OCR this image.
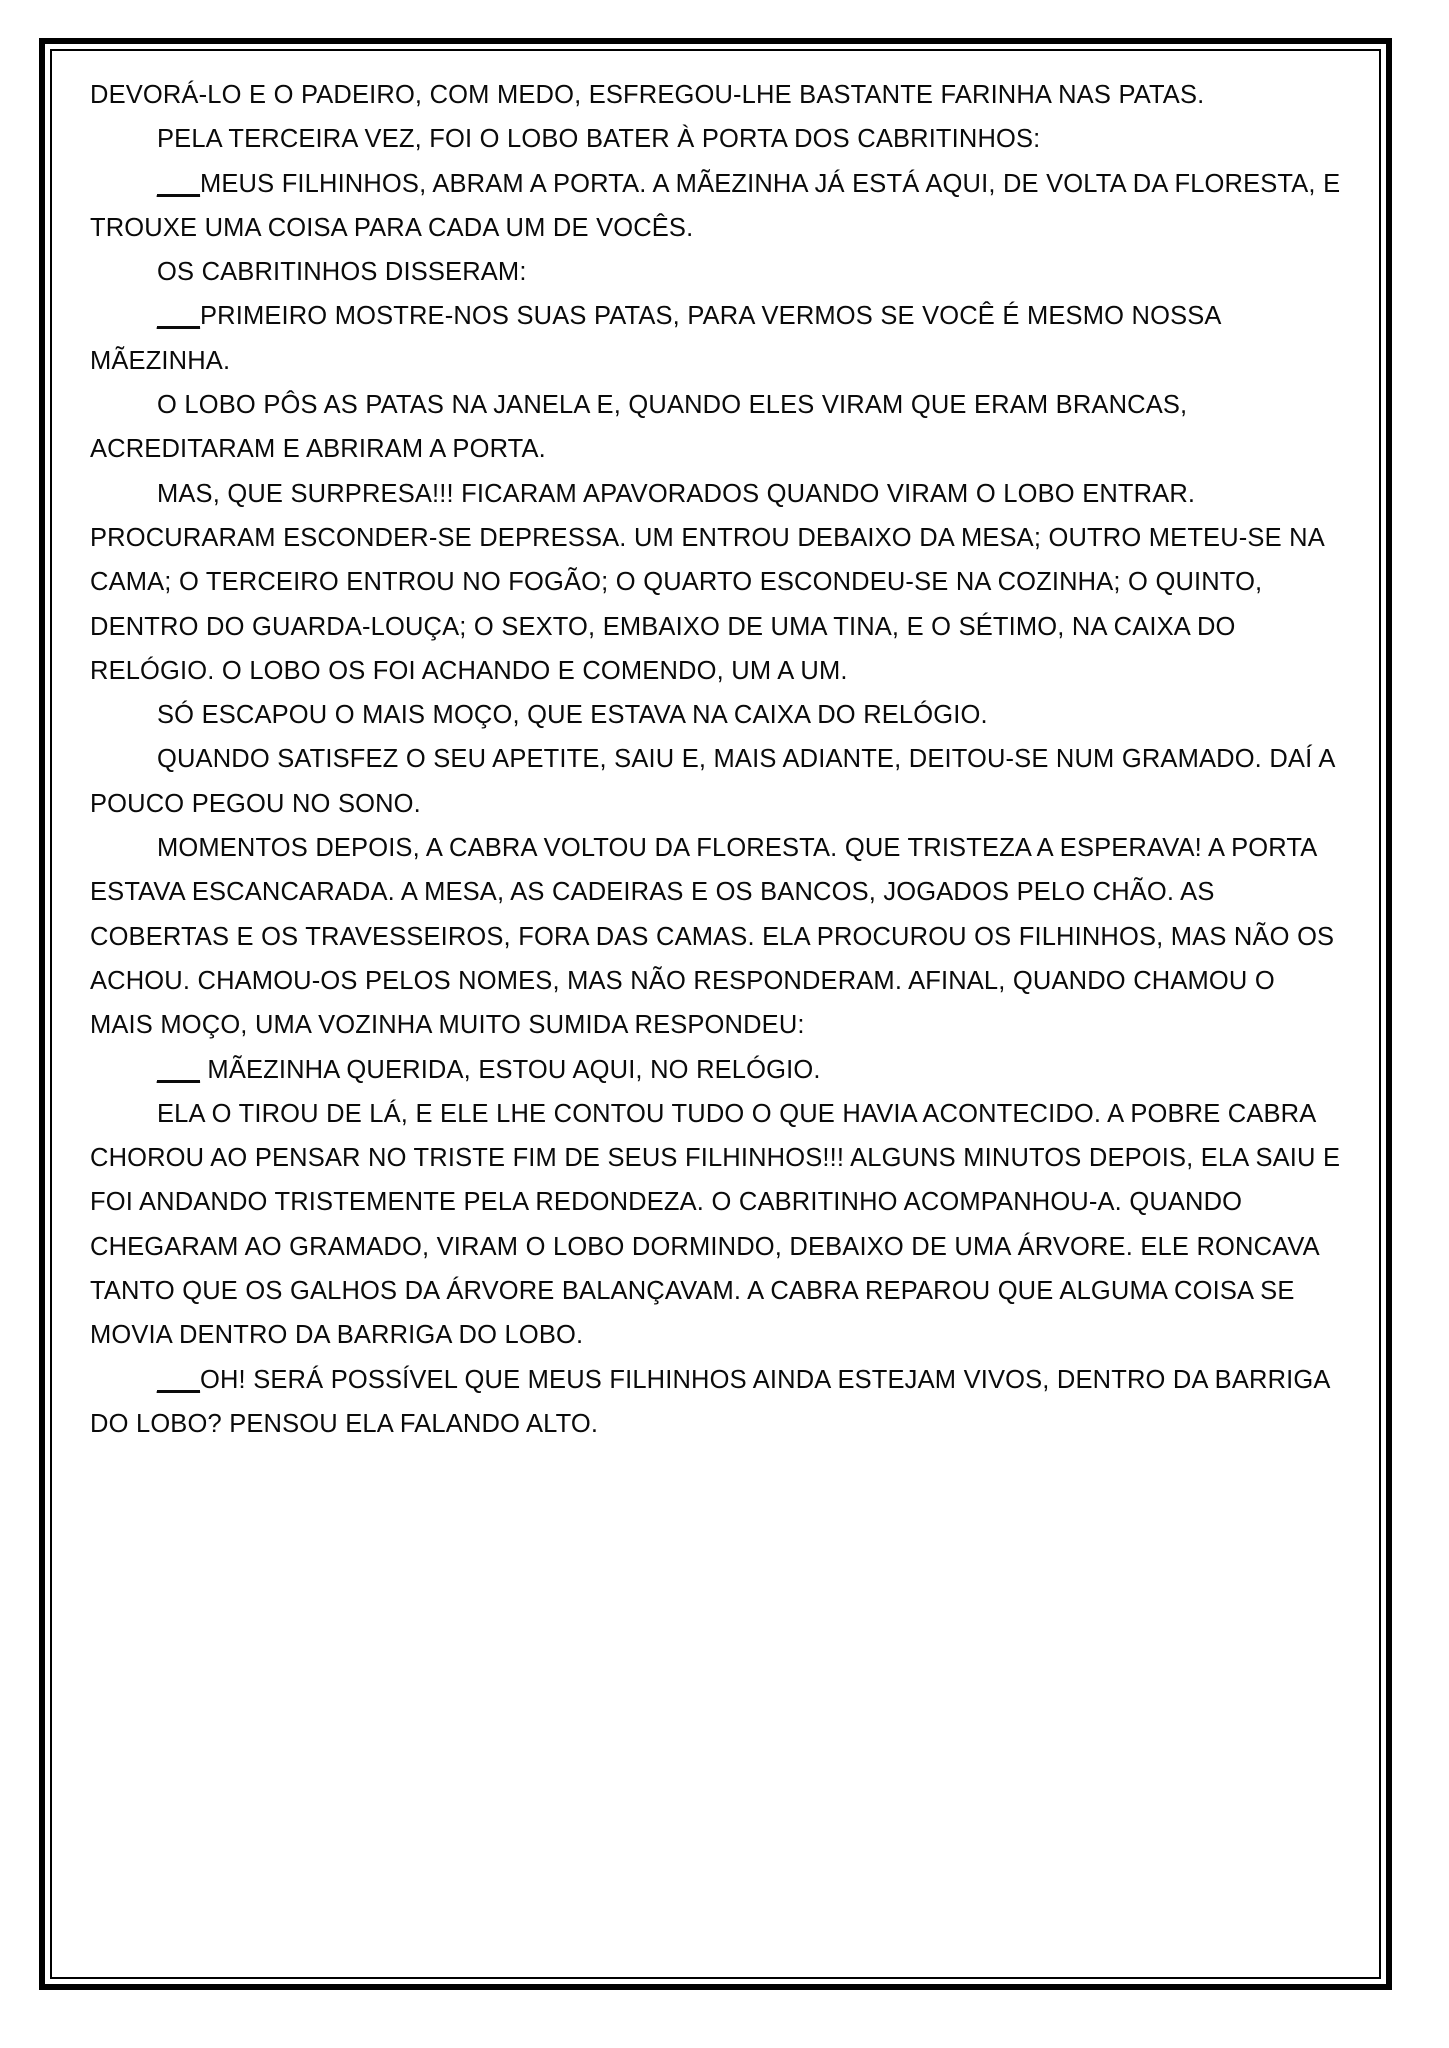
DEVORÁ-LO E O PADEIRO, COM MEDO, ESFREGOU-LHE BASTANTE FARINHA NAS PATAS.

PELA TERCEIRA VEZ, FOI O LOBO BATER À PORTA DOS CABRITINHOS:

___MEUS FILHINHOS, ABRAM A PORTA. A MÃEZINHA JÁ ESTÁ AQUI, DE VOLTA DA FLORESTA, E TROUXE UMA COISA PARA CADA UM DE VOCÊS.

OS CABRITINHOS DISSERAM:

___PRIMEIRO MOSTRE-NOS SUAS PATAS, PARA VERMOS SE VOCÊ É MESMO NOSSA MÃEZINHA.

O LOBO PÔS AS PATAS NA JANELA E, QUANDO ELES VIRAM QUE ERAM BRANCAS, ACREDITARAM E ABRIRAM A PORTA.

MAS, QUE SURPRESA!!! FICARAM APAVORADOS QUANDO VIRAM O LOBO ENTRAR. PROCURARAM ESCONDER-SE DEPRESSA. UM ENTROU DEBAIXO DA MESA; OUTRO METEU-SE NA CAMA; O TERCEIRO ENTROU NO FOGÃO; O QUARTO ESCONDEU-SE NA COZINHA; O QUINTO, DENTRO DO GUARDA-LOUÇA; O SEXTO, EMBAIXO DE UMA TINA, E O SÉTIMO, NA CAIXA DO RELÓGIO. O LOBO OS FOI ACHANDO E COMENDO, UM A UM.

SÓ ESCAPOU O MAIS MOÇO, QUE ESTAVA NA CAIXA DO RELÓGIO.

QUANDO SATISFEZ O SEU APETITE, SAIU E, MAIS ADIANTE, DEITOU-SE NUM GRAMADO. DAÍ A POUCO PEGOU NO SONO.

MOMENTOS DEPOIS, A CABRA VOLTOU DA FLORESTA. QUE TRISTEZA A ESPERAVA! A PORTA ESTAVA ESCANCARADA. A MESA, AS CADEIRAS E OS BANCOS, JOGADOS PELO CHÃO. AS COBERTAS E OS TRAVESSEIROS, FORA DAS CAMAS. ELA PROCUROU OS FILHINHOS, MAS NÃO OS ACHOU. CHAMOU-OS PELOS NOMES, MAS NÃO RESPONDERAM. AFINAL, QUANDO CHAMOU O MAIS MOÇO, UMA VOZINHA MUITO SUMIDA RESPONDEU:

___ MÃEZINHA QUERIDA, ESTOU AQUI, NO RELÓGIO.

ELA O TIROU DE LÁ, E ELE LHE CONTOU TUDO O QUE HAVIA ACONTECIDO. A POBRE CABRA CHOROU AO PENSAR NO TRISTE FIM DE SEUS FILHINHOS!!! ALGUNS MINUTOS DEPOIS, ELA SAIU E FOI ANDANDO TRISTEMENTE PELA REDONDEZA. O CABRITINHO ACOMPANHOU-A. QUANDO CHEGARAM AO GRAMADO, VIRAM O LOBO DORMINDO, DEBAIXO DE UMA ÁRVORE. ELE RONCAVA TANTO QUE OS GALHOS DA ÁRVORE BALANÇAVAM. A CABRA REPAROU QUE ALGUMA COISA SE MOVIA DENTRO DA BARRIGA DO LOBO.

___OH! SERÁ POSSÍVEL QUE MEUS FILHINHOS AINDA ESTEJAM VIVOS, DENTRO DA BARRIGA DO LOBO? PENSOU ELA FALANDO ALTO.
